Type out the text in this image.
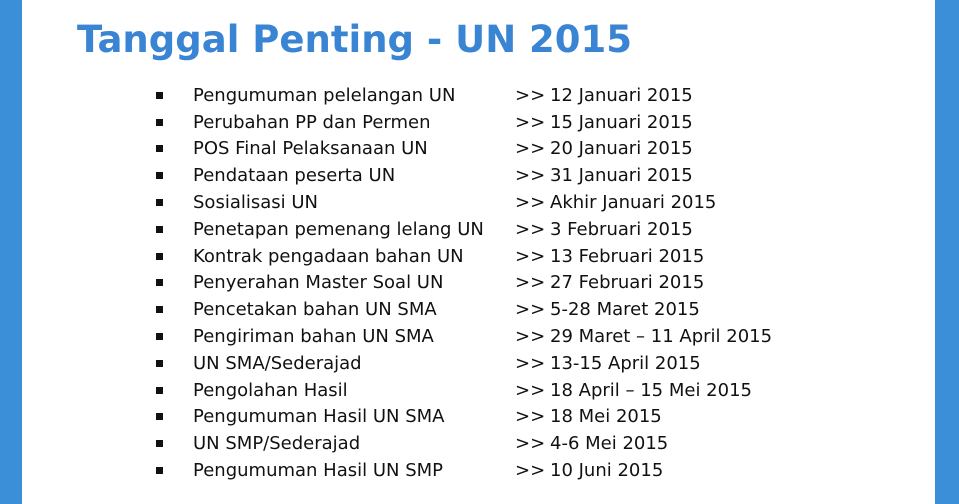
Tanggal Penting - UN 2015
Pengumuman pelelangan UN	>> 12 Januari 2015
Perubahan PP dan Permen	>> 15 Januari 2015
POS Final Pelaksanaan UN	>> 20 Januari 2015
Pendataan peserta UN	>> 31 Januari 2015
Sosialisasi UN	>> Akhir Januari 2015
Penetapan pemenang lelang UN	>> 3 Februari 2015
Kontrak pengadaan bahan UN	>> 13 Februari 2015
Penyerahan Master Soal UN	>> 27 Februari 2015
Pencetakan bahan UN SMA	>> 5-28 Maret 2015
Pengiriman bahan UN SMA	>> 29 Maret – 11 April 2015
UN SMA/Sederajad	>> 13-15 April 2015
Pengolahan Hasil	>> 18 April – 15 Mei 2015
Pengumuman Hasil UN SMA	>> 18 Mei 2015
UN SMP/Sederajad	>> 4-6 Mei 2015
Pengumuman Hasil UN SMP	>> 10 Juni 2015
